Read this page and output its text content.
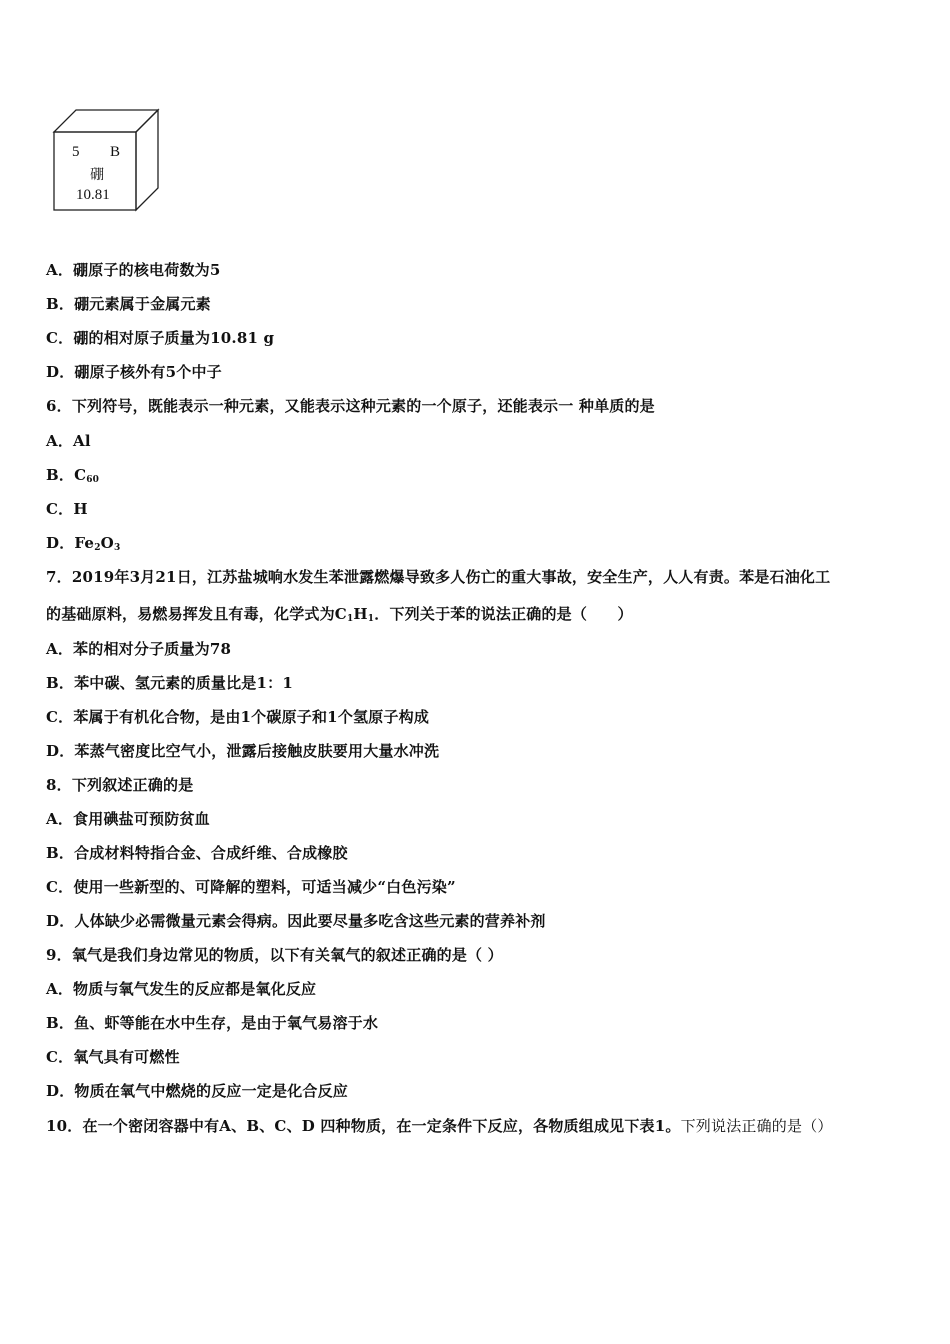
5 B
硼
10.81
A．硼原子的核电荷数为5
B．硼元素属于金属元素
C．硼的相对原子质量为10.81 g
D．硼原子核外有5个中子
6．下列符号，既能表示一种元素，又能表示这种元素的一个原子，还能表示一 种单质的是
A．Al
B．$C_{60}$
C．H
D．$Fe_2O_3$
7．2019年3月21日，江苏盐城响水发生苯泄露燃爆导致多人伤亡的重大事故，安全生产，人人有责。苯是石油化工
的基础原料，易燃易挥发且有毒，化学式为$C_1H_1$．下列关于苯的说法正确的是（　　）
A．苯的相对分子质量为78
B．苯中碳、氢元素的质量比是1：1
C．苯属于有机化合物，是由1个碳原子和1个氢原子构成
D．苯蒸气密度比空气小，泄露后接触皮肤要用大量水冲洗
8．下列叙述正确的是
A．食用碘盐可预防贫血
B．合成材料特指合金、合成纤维、合成橡胶
C．使用一些新型的、可降解的塑料，可适当减少“白色污染”
D．人体缺少必需微量元素会得病。因此要尽量多吃含这些元素的营养补剂
9．氧气是我们身边常见的物质，以下有关氧气的叙述正确的是（ ）
A．物质与氧气发生的反应都是氧化反应
B．鱼、虾等能在水中生存，是由于氧气易溶于水
C．氧气具有可燃性
D．物质在氧气中燃烧的反应一定是化合反应
10．在一个密闭容器中有A、B、C、D 四种物质，在一定条件下反应，各物质组成见下表1。下列说法正确的是（）
